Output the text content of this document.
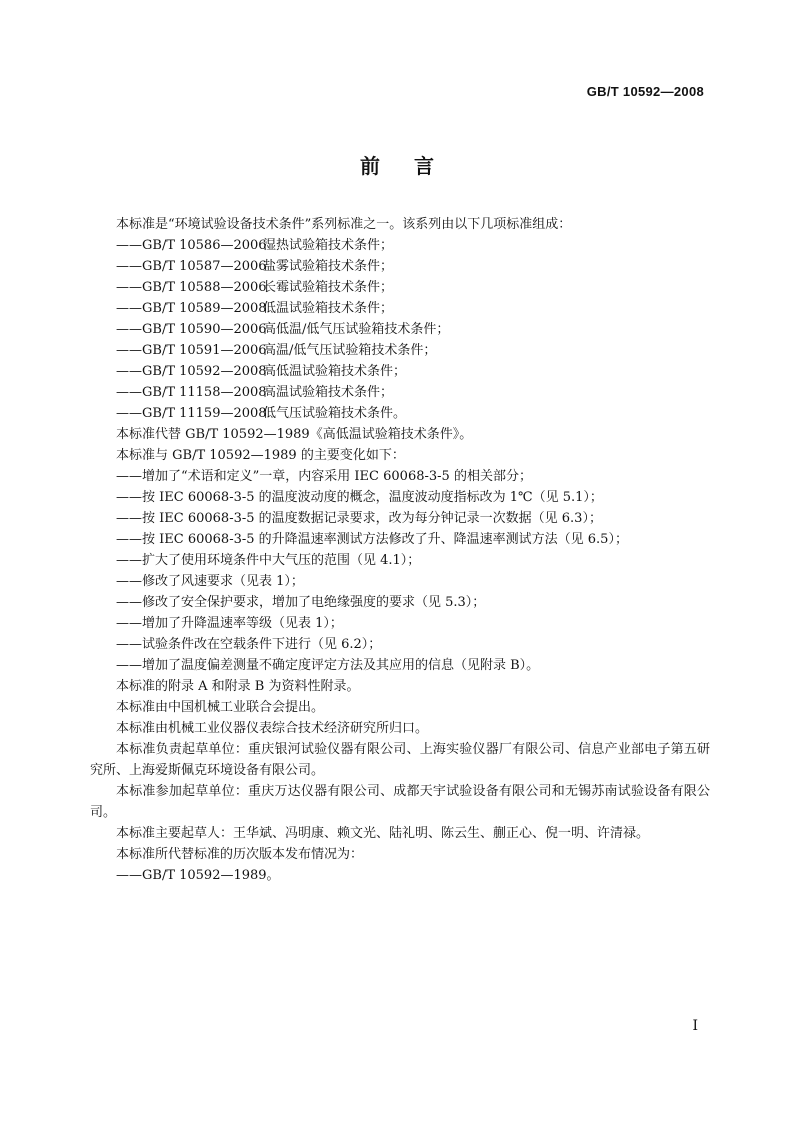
GB/T 10592—2008
前言

本标准是“环境试验设备技术条件”系列标准之一。该系列由以下几项标准组成：

——GB/T 10586—2006湿热试验箱技术条件；

——GB/T 10587—2006盐雾试验箱技术条件；

——GB/T 10588—2006长霉试验箱技术条件；

——GB/T 10589—2008低温试验箱技术条件；

——GB/T 10590—2006高低温/低气压试验箱技术条件；

——GB/T 10591—2006高温/低气压试验箱技术条件；

——GB/T 10592—2008高低温试验箱技术条件；

——GB/T 11158—2008高温试验箱技术条件；

——GB/T 11159—2008低气压试验箱技术条件。

本标准代替 GB/T 10592—1989《高低温试验箱技术条件》。

本标准与 GB/T 10592—1989 的主要变化如下：

——增加了“术语和定义”一章，内容采用 IEC 60068-3-5 的相关部分；

——按 IEC 60068-3-5 的温度波动度的概念，温度波动度指标改为 1℃（见 5.1）；

——按 IEC 60068-3-5 的温度数据记录要求，改为每分钟记录一次数据（见 6.3）；

——按 IEC 60068-3-5 的升降温速率测试方法修改了升、降温速率测试方法（见 6.5）；

——扩大了使用环境条件中大气压的范围（见 4.1）；

——修改了风速要求（见表 1）；

——修改了安全保护要求，增加了电绝缘强度的要求（见 5.3）；

——增加了升降温速率等级（见表 1）；

——试验条件改在空载条件下进行（见 6.2）；

——增加了温度偏差测量不确定度评定方法及其应用的信息（见附录 B）。

本标准的附录 A 和附录 B 为资料性附录。

本标准由中国机械工业联合会提出。

本标准由机械工业仪器仪表综合技术经济研究所归口。

本标准负责起草单位：重庆银河试验仪器有限公司、上海实验仪器厂有限公司、信息产业部电子第五研究所、上海爱斯佩克环境设备有限公司。

本标准参加起草单位：重庆万达仪器有限公司、成都天宇试验设备有限公司和无锡苏南试验设备有限公司。

本标准主要起草人：王华斌、冯明康、赖文光、陆礼明、陈云生、蒯正心、倪一明、许清禄。

本标准所代替标准的历次版本发布情况为：

——GB/T 10592—1989。

I
